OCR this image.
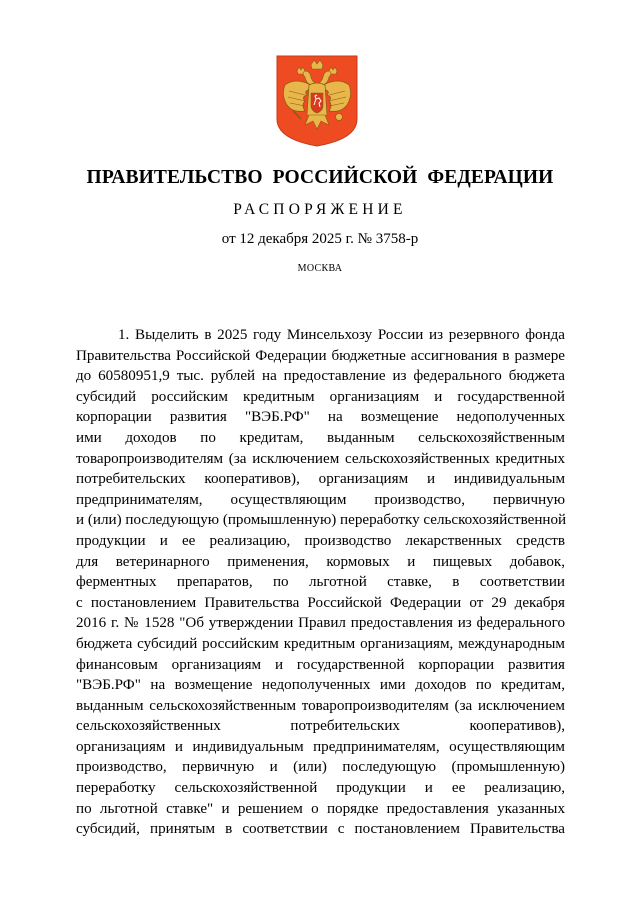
ПРАВИТЕЛЬСТВО РОССИЙСКОЙ ФЕДЕРАЦИИ
РАСПОРЯЖЕНИЕ
от 12 декабря 2025 г. № 3758-р
МОСКВА
1. Выделить в 2025 году Минсельхозу России из резервного фонда
Правительства Российской Федерации бюджетные ассигнования в размере
до 60580951,9 тыс. рублей на предоставление из федерального бюджета
субсидий российским кредитным организациям и государственной
корпорации развития "ВЭБ.РФ" на возмещение недополученных
ими доходов по кредитам, выданным сельскохозяйственным
товаропроизводителям (за исключением сельскохозяйственных кредитных
потребительских кооперативов), организациям и индивидуальным
предпринимателям, осуществляющим производство, первичную
и (или) последующую (промышленную) переработку сельскохозяйственной
продукции и ее реализацию, производство лекарственных средств
для ветеринарного применения, кормовых и пищевых добавок,
ферментных препаратов, по льготной ставке, в соответствии
с постановлением Правительства Российской Федерации от 29 декабря
2016 г. № 1528 "Об утверждении Правил предоставления из федерального
бюджета субсидий российским кредитным организациям, международным
финансовым организациям и государственной корпорации развития
"ВЭБ.РФ" на возмещение недополученных ими доходов по кредитам,
выданным сельскохозяйственным товаропроизводителям (за исключением
сельскохозяйственных потребительских кооперативов),
организациям и индивидуальным предпринимателям, осуществляющим
производство, первичную и (или) последующую (промышленную)
переработку сельскохозяйственной продукции и ее реализацию,
по льготной ставке" и решением о порядке предоставления указанных
субсидий, принятым в соответствии с постановлением Правительства
